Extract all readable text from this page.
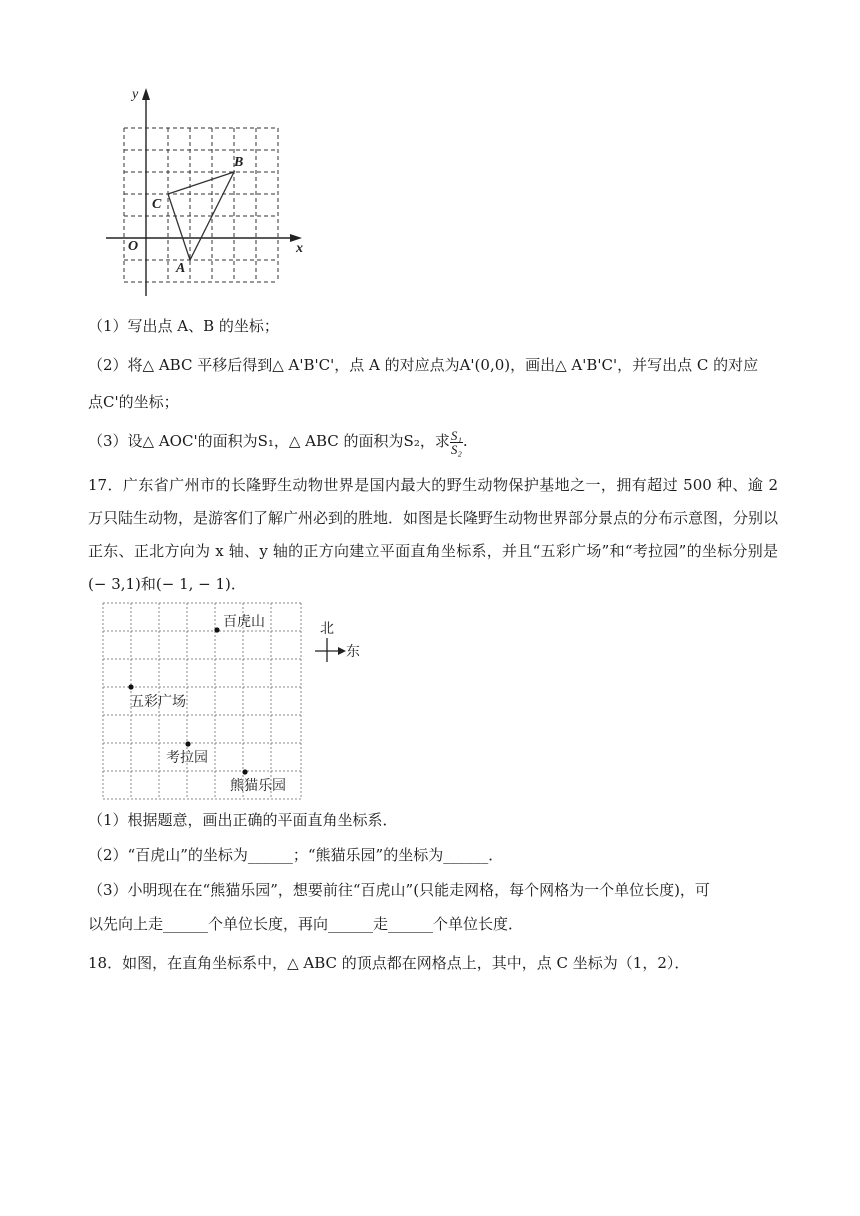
y
x
O
A
B
C
（1）写出点 A、B 的坐标；
（2）将△ ABC 平移后得到△ A'B'C'，点 A 的对应点为A'(0,0)，画出△ A'B'C'，并写出点 C 的对应
点C'的坐标；
（3）设△ AOC'的面积为S₁，△ ABC 的面积为S₂，求 $\frac{\text{S₁}}{\text{S₂}}$ .
17．广东省广州市的长隆野生动物世界是国内最大的野生动物保护基地之一，拥有超过 500 种、逾 2 万只陆生动物，是游客们了解广州必到的胜地．如图是长隆野生动物世界部分景点的分布示意图，分别以正东、正北方向为 x 轴、y 轴的正方向建立平面直角坐标系，并且“五彩广场”和“考拉园”的坐标分别是(− 3,1)和(− 1, − 1)．
百虎山
五彩广场
考拉园
熊猫乐园
北
东
（1）根据题意，画出正确的平面直角坐标系．
（2）“百虎山”的坐标为______；“熊猫乐园”的坐标为______．
（3）小明现在在“熊猫乐园”，想要前往“百虎山”(只能走网格，每个网格为一个单位长度)，可
以先向上走______个单位长度，再向______走______个单位长度．
18．如图，在直角坐标系中，△ ABC 的顶点都在网格点上，其中，点 C 坐标为（1，2）．
